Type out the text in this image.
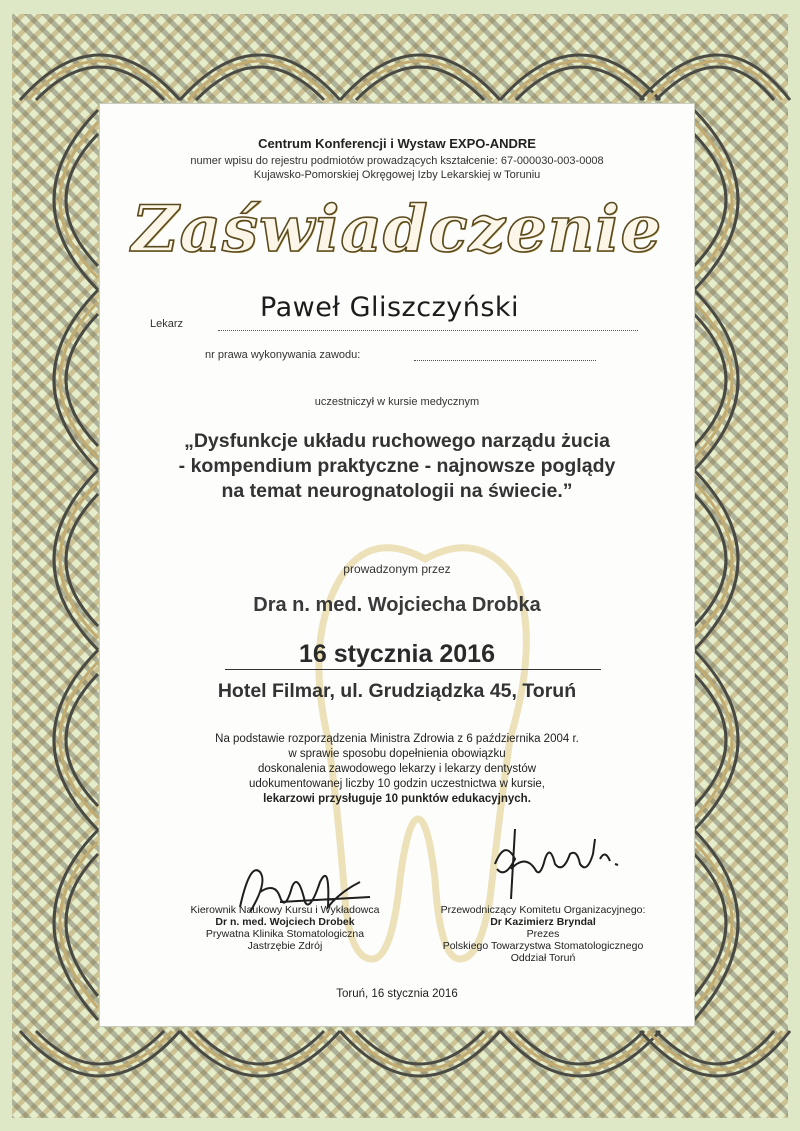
Centrum Konferencji i Wystaw EXPO-ANDRE
numer wpisu do rejestru podmiotów prowadzących kształcenie: 67-000030-003-0008
Kujawsko-Pomorskiej Okręgowej Izby Lekarskiej w Toruniu
Zaświadczenie
Lekarz
Paweł Gliszczyński
nr prawa wykonywania zawodu:
uczestniczył w kursie medycznym
„Dysfunkcje układu ruchowego narządu żucia
- kompendium praktyczne - najnowsze poglądy
na temat neurognatologii na świecie.”
prowadzonym przez
Dra n. med. Wojciecha Drobka
16 stycznia 2016
Hotel Filmar, ul. Grudziądzka 45, Toruń
Na podstawie rozporządzenia Ministra Zdrowia z 6 października 2004 r.
w sprawie sposobu dopełnienia obowiązku
doskonalenia zawodowego lekarzy i lekarzy dentystów
udokumentowanej liczby 10 godzin uczestnictwa w kursie,
lekarzowi przysługuje 10 punktów edukacyjnych.
Kierownik Naukowy Kursu i Wykładowca
Dr n. med. Wojciech Drobek
Prywatna Klinika Stomatologiczna
Jastrzębie Zdrój
Przewodniczący Komitetu Organizacyjnego:
Dr Kazimierz Bryndal
Prezes
Polskiego Towarzystwa Stomatologicznego
Oddział Toruń
Toruń, 16 stycznia 2016
